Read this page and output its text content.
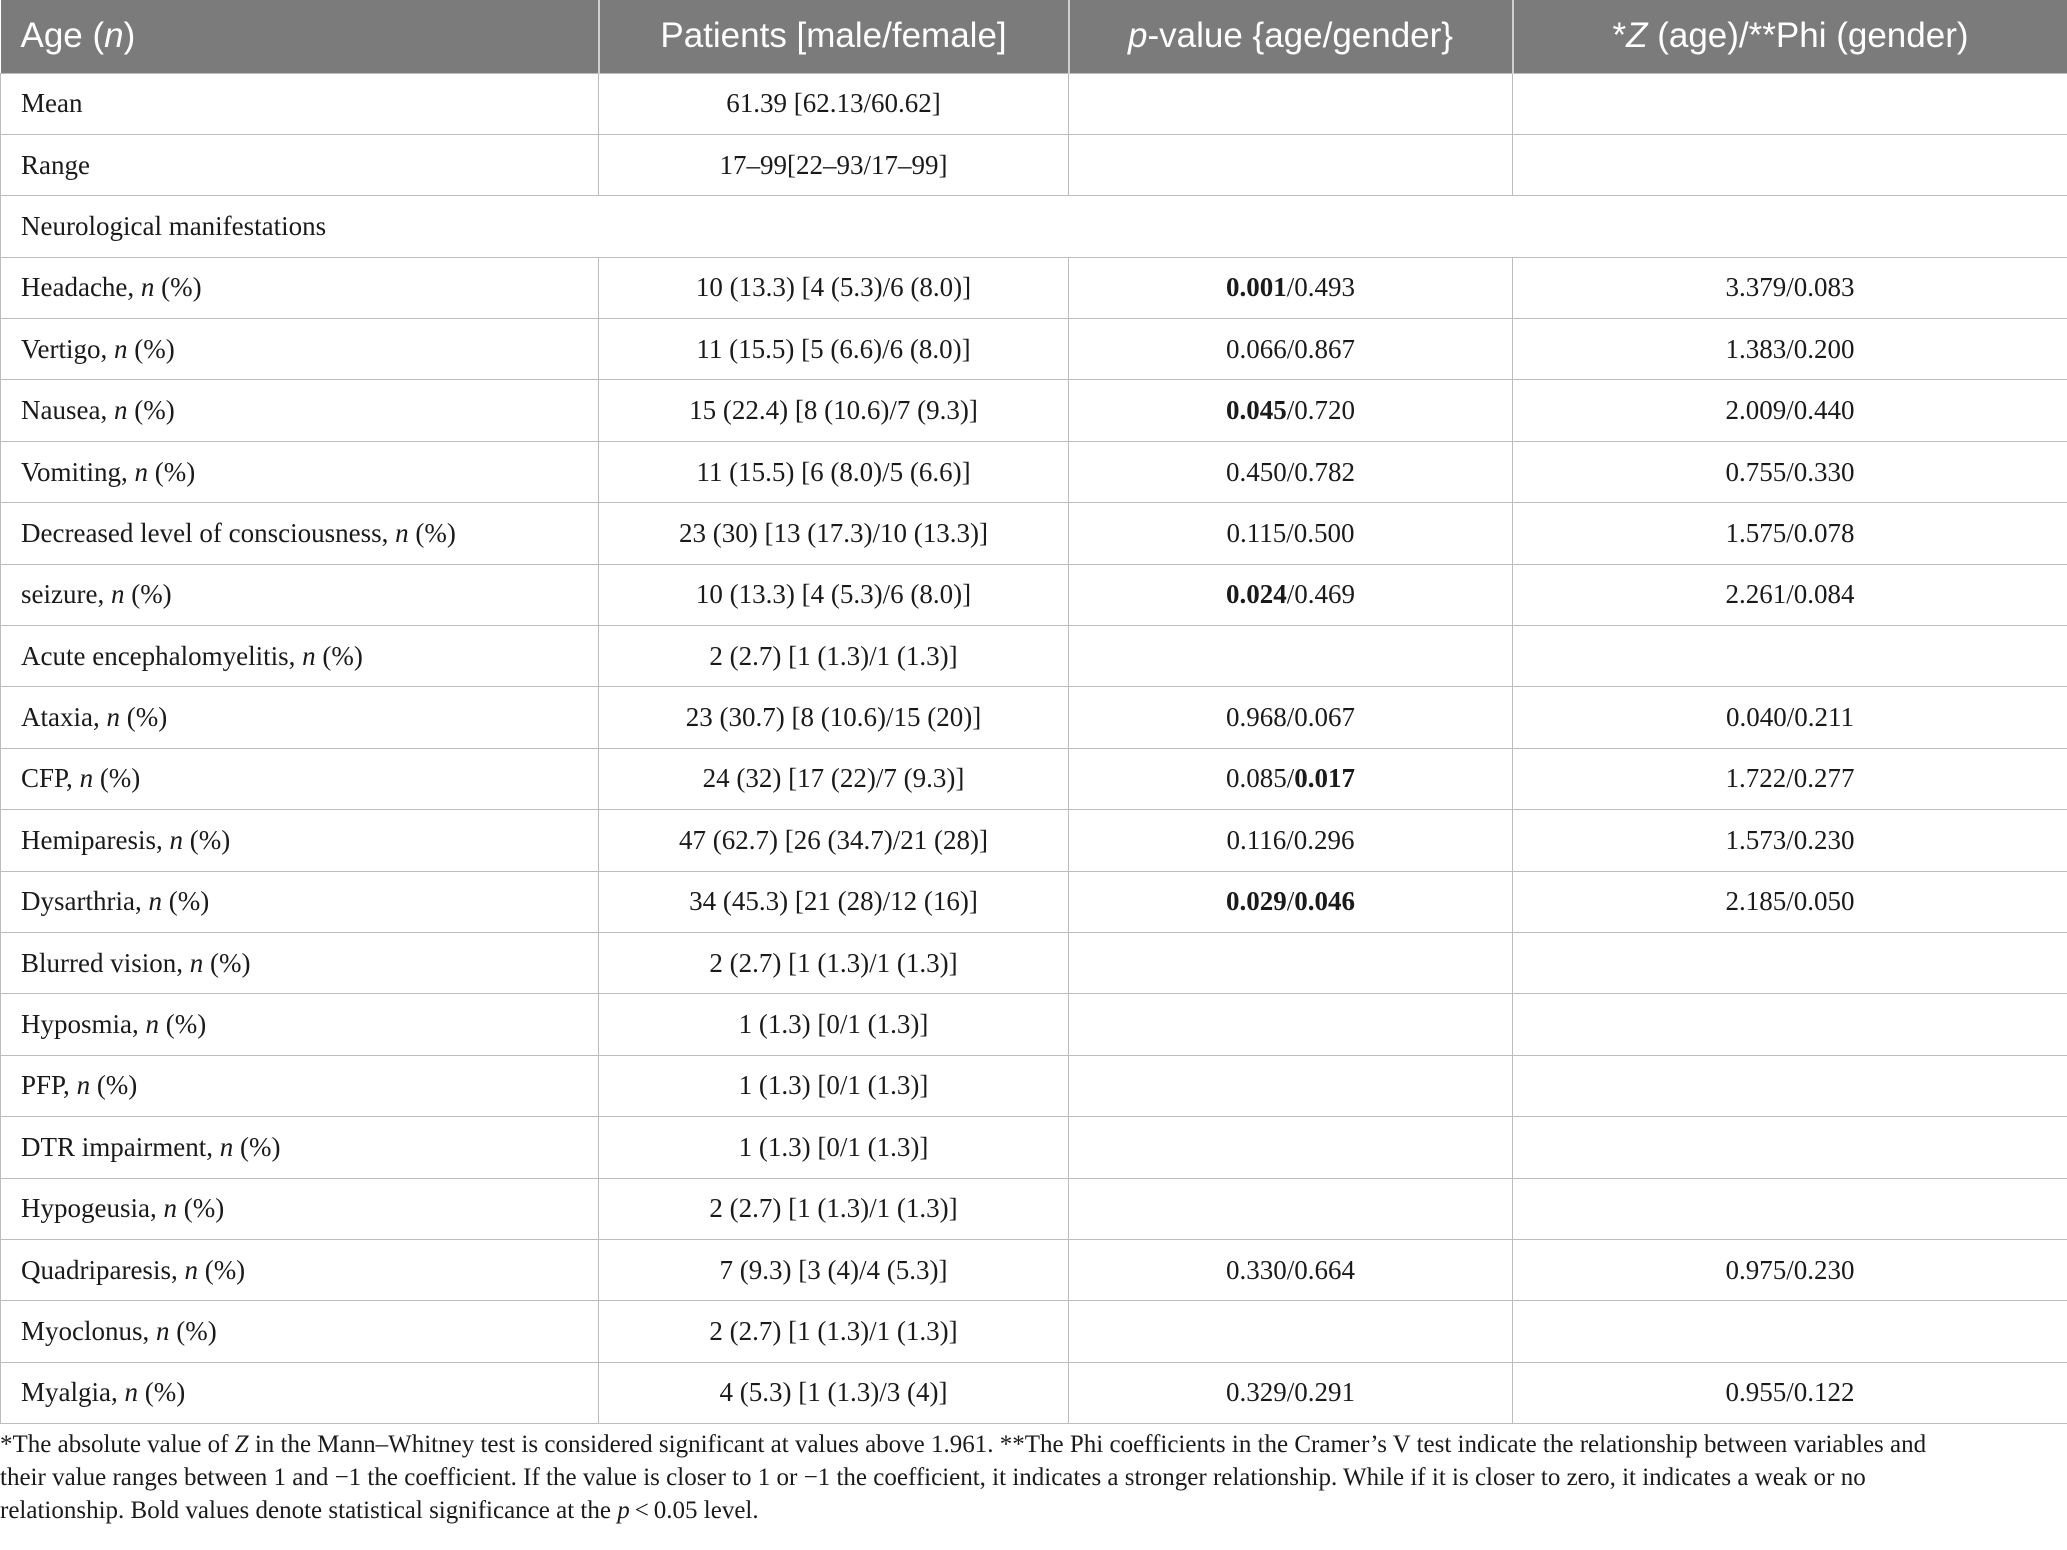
Age (n)	Patients [male/female]	p-value {age/gender}	*Z (age)/**Phi (gender)
Mean	61.39 [62.13/60.62]		
Range	17–99[22–93/17–99]		
Neurological manifestations			
Headache, n (%)	10 (13.3) [4 (5.3)/6 (8.0)]	0.001/0.493	3.379/0.083
Vertigo, n (%)	11 (15.5) [5 (6.6)/6 (8.0)]	0.066/0.867	1.383/0.200
Nausea, n (%)	15 (22.4) [8 (10.6)/7 (9.3)]	0.045/0.720	2.009/0.440
Vomiting, n (%)	11 (15.5) [6 (8.0)/5 (6.6)]	0.450/0.782	0.755/0.330
Decreased level of consciousness, n (%)	23 (30) [13 (17.3)/10 (13.3)]	0.115/0.500	1.575/0.078
seizure, n (%)	10 (13.3) [4 (5.3)/6 (8.0)]	0.024/0.469	2.261/0.084
Acute encephalomyelitis, n (%)	2 (2.7) [1 (1.3)/1 (1.3)]		
Ataxia, n (%)	23 (30.7) [8 (10.6)/15 (20)]	0.968/0.067	0.040/0.211
CFP, n (%)	24 (32) [17 (22)/7 (9.3)]	0.085/0.017	1.722/0.277
Hemiparesis, n (%)	47 (62.7) [26 (34.7)/21 (28)]	0.116/0.296	1.573/0.230
Dysarthria, n (%)	34 (45.3) [21 (28)/12 (16)]	0.029/0.046	2.185/0.050
Blurred vision, n (%)	2 (2.7) [1 (1.3)/1 (1.3)]		
Hyposmia, n (%)	1 (1.3) [0/1 (1.3)]		
PFP, n (%)	1 (1.3) [0/1 (1.3)]		
DTR impairment, n (%)	1 (1.3) [0/1 (1.3)]		
Hypogeusia, n (%)	2 (2.7) [1 (1.3)/1 (1.3)]		
Quadriparesis, n (%)	7 (9.3) [3 (4)/4 (5.3)]	0.330/0.664	0.975/0.230
Myoclonus, n (%)	2 (2.7) [1 (1.3)/1 (1.3)]		
Myalgia, n (%)	4 (5.3) [1 (1.3)/3 (4)]	0.329/0.291	0.955/0.122

*The absolute value of Z in the Mann–Whitney test is considered significant at values above 1.961. **The Phi coefficients in the Cramer’s V test indicate the relationship between variables and

their value ranges between 1 and −1 the coefficient. If the value is closer to 1 or −1 the coefficient, it indicates a stronger relationship. While if it is closer to zero, it indicates a weak or no

relationship. Bold values denote statistical significance at the p < 0.05 level.
